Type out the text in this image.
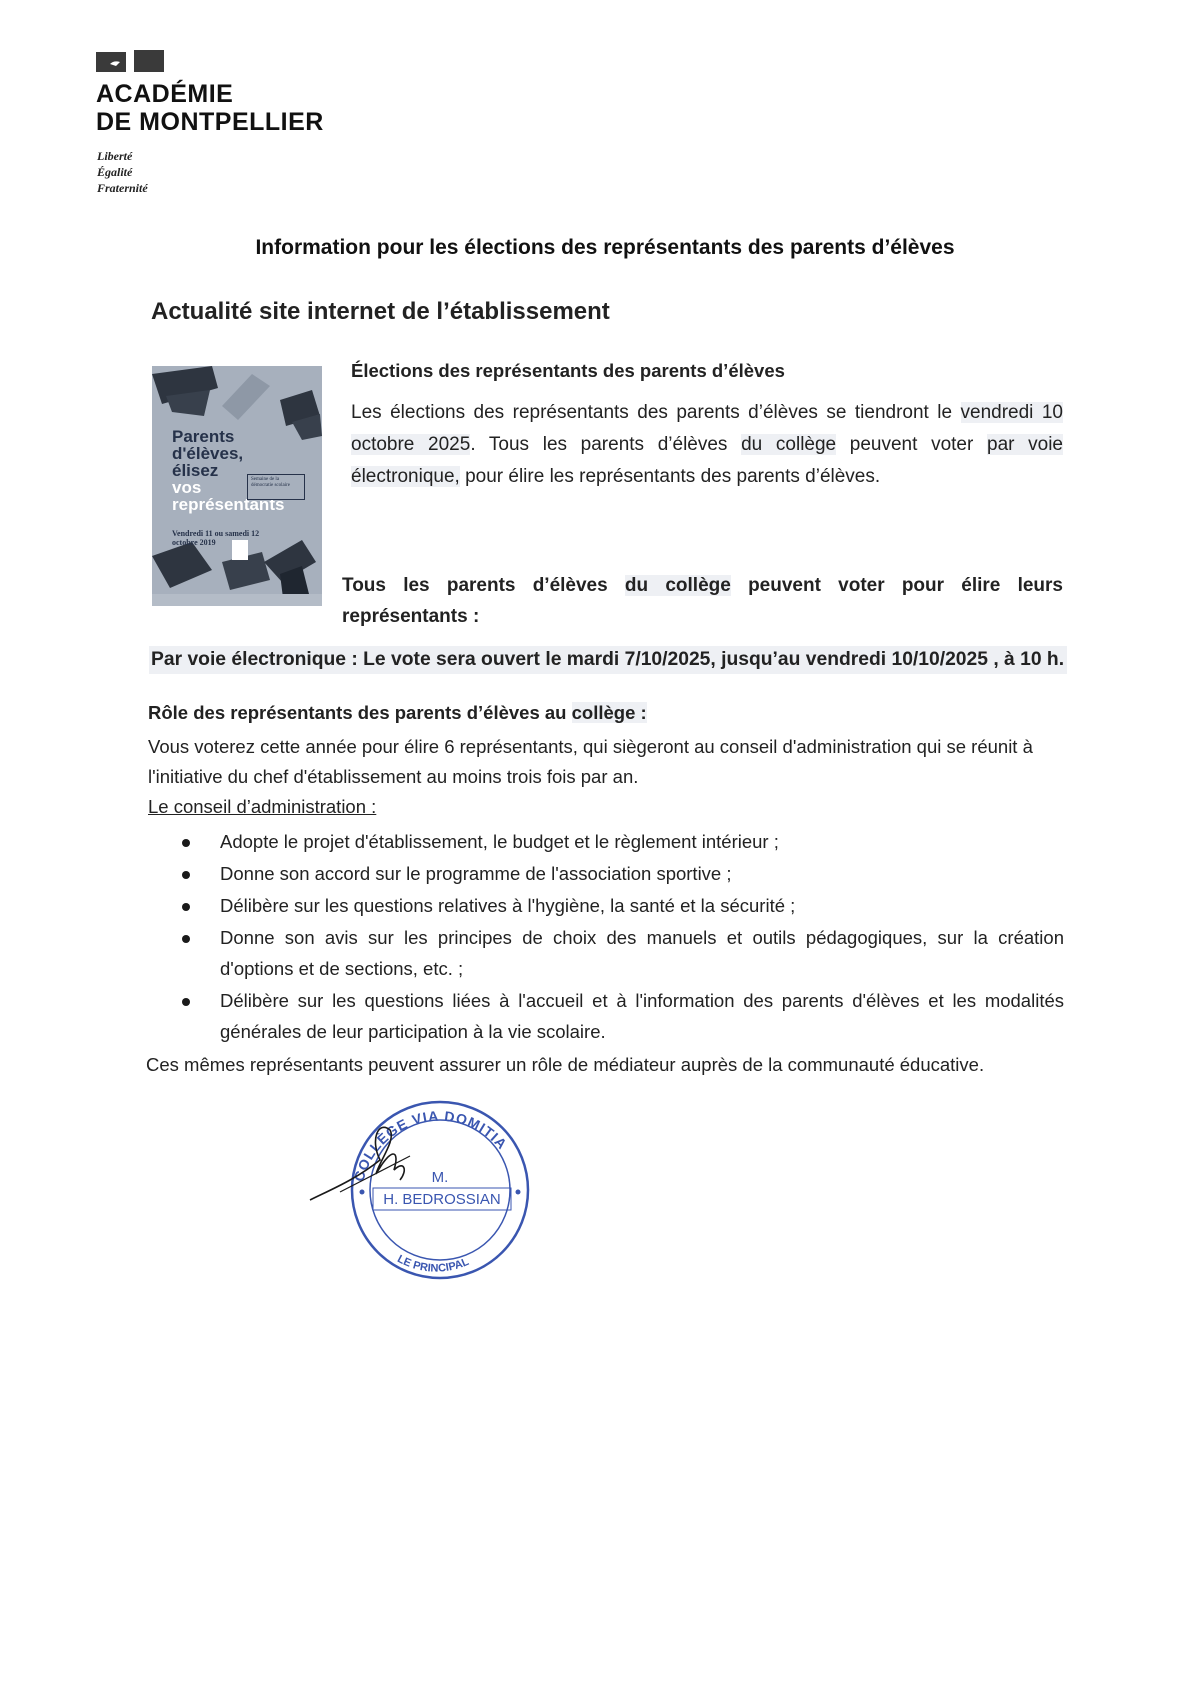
ACADÉMIE
DE MONTPELLIER
Liberté
Égalité
Fraternité
Information pour les élections des représentants des parents d’élèves
Actualité site internet de l’établissement
Parents
d'élèves,
élisez
vos
représentants
Vendredi 11 ou samedi 12 octobre 2019
Semaine de la démocratie scolaire
Élections des représentants des parents d’élèves
Les élections des représentants des parents d’élèves se tiendront le vendredi 10 octobre 2025. Tous les parents d’élèves du collège peuvent voter par voie électronique, pour élire les représentants des parents d’élèves.
Tous les parents d’élèves du collège peuvent voter pour élire leurs représentants :
Par voie électronique : Le vote sera ouvert le mardi 7/10/2025, jusqu’au vendredi 10/10/2025 , à 10 h.
Rôle des représentants des parents d’élèves au collège :
Vous voterez cette année pour élire 6 représentants, qui siègeront au conseil d'administration qui se réunit à l'initiative du chef d'établissement au moins trois fois par an.
Le conseil d’administration :
Adopte le projet d'établissement, le budget et le règlement intérieur ;
Donne son accord sur le programme de l'association sportive ;
Délibère sur les questions relatives à l'hygiène, la santé et la sécurité ;
Donne son avis sur les principes de choix des manuels et outils pédagogiques, sur la création d'options et de sections, etc. ;
Délibère sur les questions liées à l'accueil et à l'information des parents d'élèves et les modalités générales de leur participation à la vie scolaire.
Ces mêmes représentants peuvent assurer un rôle de médiateur auprès de la communauté éducative.
COLLÈGE VIA DOMITIA
LE PRINCIPAL
M.
H. BEDROSSIAN
